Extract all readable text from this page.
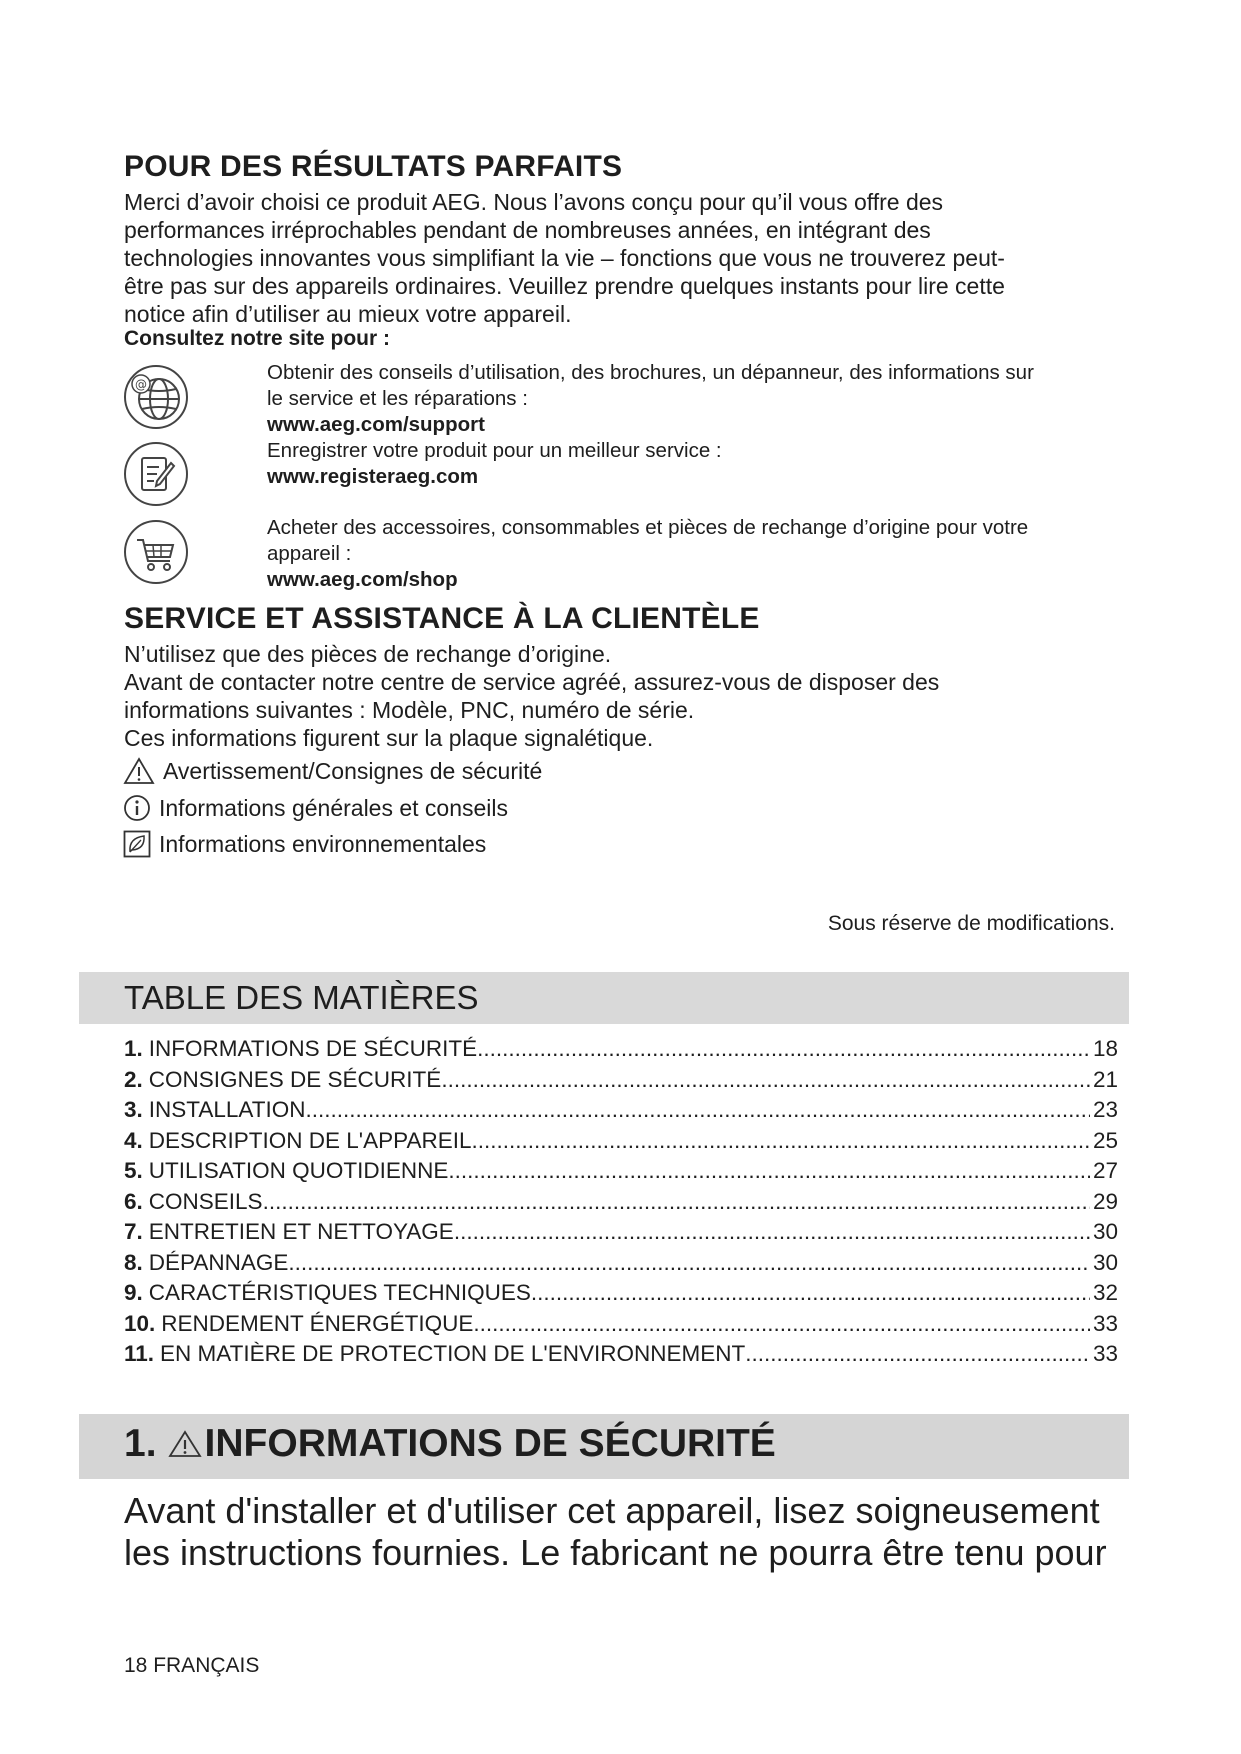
POUR DES RÉSULTATS PARFAITS
Merci d’avoir choisi ce produit AEG. Nous l’avons conçu pour qu’il vous offre des
performances irréprochables pendant de nombreuses années, en intégrant des
technologies innovantes vous simplifiant la vie – fonctions que vous ne trouverez peut-
être pas sur des appareils ordinaires. Veuillez prendre quelques instants pour lire cette
notice afin d’utiliser au mieux votre appareil.
Consultez notre site pour :
@
Obtenir des conseils d’utilisation, des brochures, un dépanneur, des informations sur
le service et les réparations :
www.aeg.com/support
Enregistrer votre produit pour un meilleur service :
www.registeraeg.com
Acheter des accessoires, consommables et pièces de rechange d’origine pour votre
appareil :
www.aeg.com/shop
SERVICE ET ASSISTANCE À LA CLIENTÈLE
N’utilisez que des pièces de rechange d’origine.
Avant de contacter notre centre de service agréé, assurez-vous de disposer des
informations suivantes : Modèle, PNC, numéro de série.
Ces informations figurent sur la plaque signalétique.
Avertissement/Consignes de sécurité
Informations générales et conseils
Informations environnementales
Sous réserve de modifications.
TABLE DES MATIÈRES
1. INFORMATIONS DE SÉCURITÉ .....	18
2. CONSIGNES DE SÉCURITÉ .....	21
3. INSTALLATION .....	23
4. DESCRIPTION DE L'APPAREIL .....	25
5. UTILISATION QUOTIDIENNE .....	27
6. CONSEILS .....	29
7. ENTRETIEN ET NETTOYAGE .....	30
8. DÉPANNAGE .....	30
9. CARACTÉRISTIQUES TECHNIQUES .....	32
10. RENDEMENT ÉNERGÉTIQUE .....	33
11. EN MATIÈRE DE PROTECTION DE L'ENVIRONNEMENT .....	33
1. INFORMATIONS DE SÉCURITÉ
Avant d'installer et d'utiliser cet appareil, lisez soigneusement
les instructions fournies. Le fabricant ne pourra être tenu pour
18 FRANÇAIS
